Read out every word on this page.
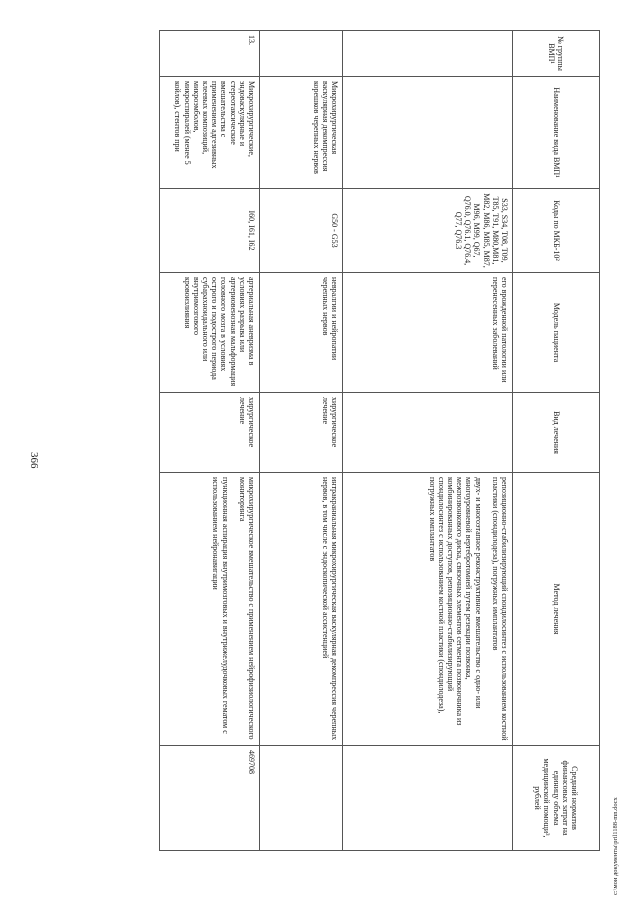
366
№ группы ВМП¹	Наименование вида ВМП¹	Коды по МКБ-10²	Модель пациента	Вид лечения	Метод лечения	Средний норматив финансовых затрат на единицу объема медицинской помощи³, рублей
		S33, S34, T08, T09, T85, T91, M80,M81, M82, M86, M85, M87, M96, M99, Q67, Q76.0, Q76.1, Q76.4, Q77, Q76.3	его врожденной патологии или перенесенных заболеваний		репозиционно-стабилизирующий спондилосинтез с использованием костной пластики (спондилодеза), погружных имплантатов

двух- и многоэтапное реконструктивное вмешательство с одно- или многоуровневой вертебротомией путем резекции позвонка, межпозвонкового диска, связочных элементов сегмента позвоночника из комбинированных доступов, репозиционно-стабилизирующий спондилосинтез с использованием костной пластики (спондилодеза), погружных имплантатов	

	Микрохирургическая васкулярная декомпрессия корешков черепных нервов	G50 - G53	невралгии и нейропатии черепных нервов	хирургическое лечение	интракраниальная микрохирургическая васкулярная декомпрессия черепных нервов, в том числе с эндоскопической ассистенцией	
13.	Микрохирургические, эндоваскулярные и стереотаксические вмешательства с применением адгезивных клеевых композиций, микроэмболов, микроспиралей (менее 5 койлов), стентов при	I60, I61, I62	артериальная аневризма в условиях разрыва или артериовенозная мальформация головного мозга в условиях острого и подострого периода субарахноидального или внутримозгового кровоизлияния	хирургическое лечение	микрохирургическое вмешательство с применением нейрофизиологического мониторинга

пункционная аспирация внутримозговых и внутрижелудочковых гематом с использованием нейронавигации	469708
c:\мои документы\pril1188-mn.docx
